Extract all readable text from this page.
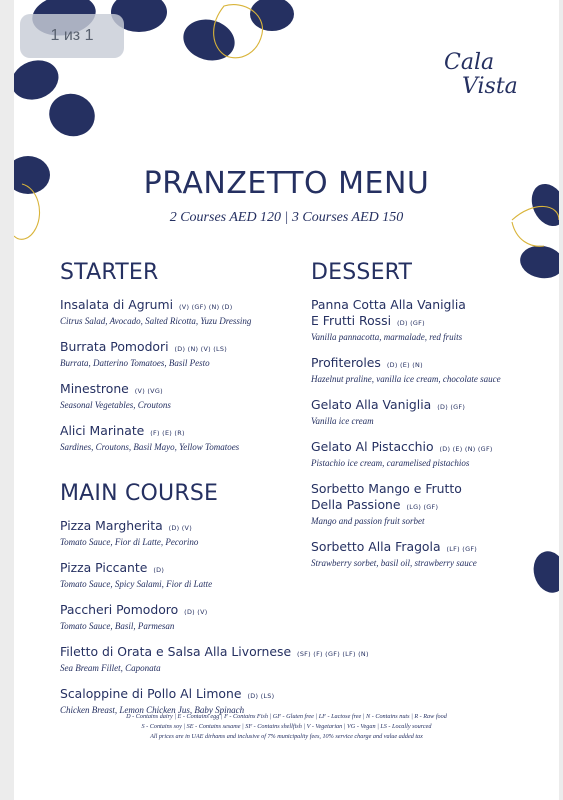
Cala
Vista
PRANZETTO MENU
2 Courses AED 120 | 3 Courses AED 150
STARTER
Insalata di Agrumi (V) (GF) (N) (D)
Citrus Salad, Avocado, Salted Ricotta, Yuzu Dressing
Burrata Pomodori (D) (N) (V) (LS)
Burrata, Datterino Tomatoes, Basil Pesto
Minestrone (V) (VG)
Seasonal Vegetables, Croutons
Alici Marinate (F) (E) (R)
Sardines, Croutons, Basil Mayo, Yellow Tomatoes
MAIN COURSE
Pizza Margherita (D) (V)
Tomato Sauce, Fior di Latte, Pecorino
Pizza Piccante (D)
Tomato Sauce, Spicy Salami, Fior di Latte
Paccheri Pomodoro (D) (V)
Tomato Sauce, Basil, Parmesan
Filetto di Orata e Salsa Alla Livornese (SF) (F) (GF) (LF) (N)
Sea Bream Fillet, Caponata
Scaloppine di Pollo Al Limone (D) (LS)
Chicken Breast, Lemon Chicken Jus, Baby Spinach
DESSERT
Panna Cotta Alla Vaniglia E Frutti Rossi (D) (GF)
Vanilla pannacotta, marmalade, red fruits
Profiteroles (D) (E) (N)
Hazelnut praline, vanilla ice cream, chocolate sauce
Gelato Alla Vaniglia (D) (GF)
Vanilla ice cream
Gelato Al Pistacchio (D) (E) (N) (GF)
Pistachio ice cream, caramelised pistachios
Sorbetto Mango e Frutto Della Passione (LG) (GF)
Mango and passion fruit sorbet
Sorbetto Alla Fragola (LF) (GF)
Strawberry sorbet, basil oil, strawberry sauce
D - Contains dairy | E - Contains egg | F - Contains Fish | GF - Gluten free | LF - Lactose free | N - Contains nuts | R - Raw food
S - Contains soy | SE - Contains sesame | SF - Contains shellfish | V - Vegetarian | VG - Vegan | LS - Locally sourced
All prices are in UAE dirhams and inclusive of 7% municipality fees, 10% service charge and value added tax
1 из 1
